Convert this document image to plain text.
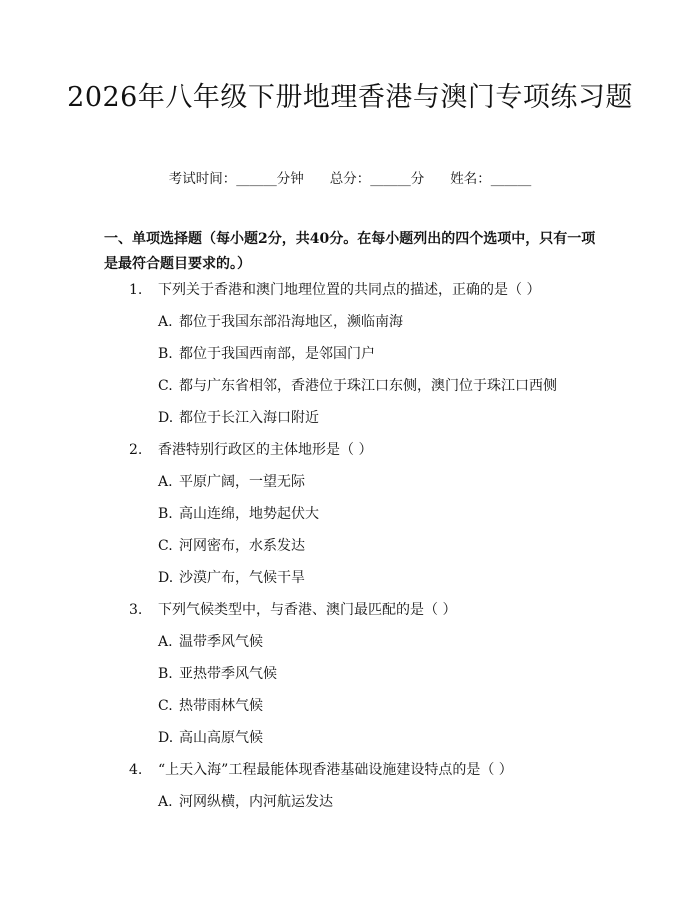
2026年八年级下册地理香港与澳门专项练习题
考试时间：______分钟 总分：______分 姓名：______

一、单项选择题（每小题2分，共40分。在每小题列出的四个选项中，只有一项是最符合题目要求的。）

1. 下列关于香港和澳门地理位置的共同点的描述，正确的是（ ）
A. 都位于我国东部沿海地区，濒临南海
B. 都位于我国西南部，是邻国门户
C. 都与广东省相邻，香港位于珠江口东侧，澳门位于珠江口西侧
D. 都位于长江入海口附近
2. 香港特别行政区的主体地形是（ ）
A. 平原广阔，一望无际
B. 高山连绵，地势起伏大
C. 河网密布，水系发达
D. 沙漠广布，气候干旱
3. 下列气候类型中，与香港、澳门最匹配的是（ ）
A. 温带季风气候
B. 亚热带季风气候
C. 热带雨林气候
D. 高山高原气候
4. “上天入海”工程最能体现香港基础设施建设特点的是（ ）
A. 河网纵横，内河航运发达
